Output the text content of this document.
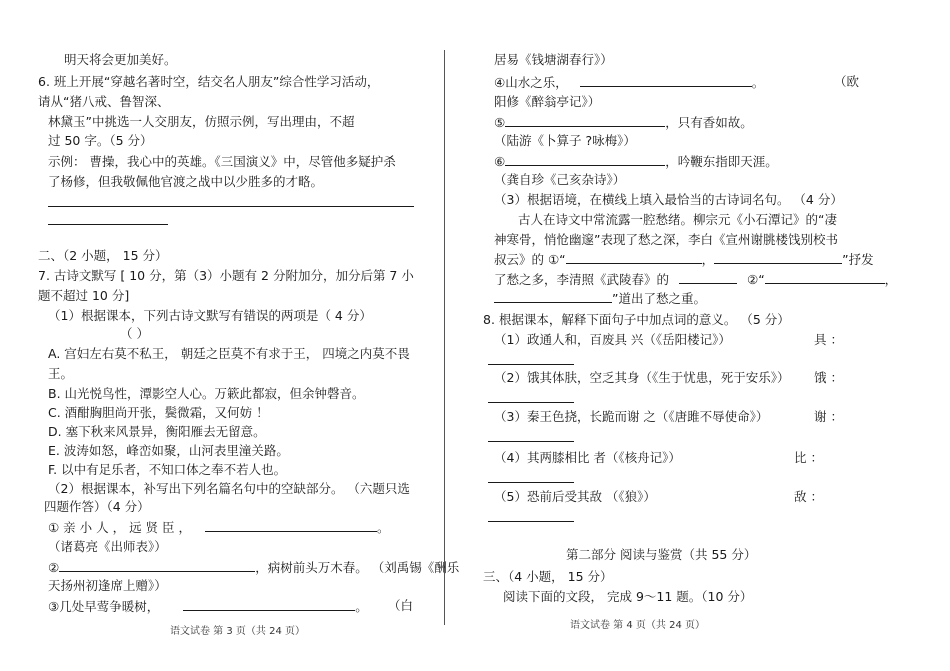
明天将会更加美好。
6. 班上开展“穿越名著时空，结交名人朋友”综合性学习活动，
请从“猪八戒、鲁智深、
林黛玉”中挑选一人交朋友，仿照示例，写出理由，不超
过 50 字。（5 分）
示例： 曹操，我心中的英雄。《三国演义》中，尽管他多疑护杀
了杨修，但我敬佩他官渡之战中以少胜多的才略。
二、（2 小题， 15 分）
7. 古诗文默写 [ 10 分，第（3）小题有 2 分附加分，加分后第 7 小
题不超过 10 分]
（1）根据课本，下列古诗文默写有错误的两项是（ 4 分）
（ ）
A. 宫妇左右莫不私王， 朝廷之臣莫不有求于王， 四境之内莫不畏
王。
B. 山光悦鸟性，潭影空人心。万簌此都寂，但余钟磬音。
C. 酒酣胸胆尚开张，鬓微霜，又何妨 ！
D. 塞下秋来风景异，衡阳雁去无留意。
E. 波涛如怒，峰峦如聚，山河表里潼关路。
F. 以中有足乐者，不知口体之奉不若人也。
（2）根据课本，补写出下列名篇名句中的空缺部分。 （六题只选
四题作答）（4 分）
① 亲 小 人 ， 远 贤 臣 ，	。
（诸葛亮《出师表》）
②	，病树前头万木春。 （刘禹锡《酬乐
天扬州初逢席上赠》）
③几处早莺争暖树，	。 （白
语文试卷 第 3 页（共 24 页）
居易《钱塘湖春行》）
④山水之乐，	。	（欧
阳修《醉翁亭记》）
⑤	，只有香如故。
（陆游《卜算子 ?咏梅》）
⑥	，吟鞭东指即天涯。
（龚自珍《己亥杂诗》）
（3）根据语境，在横线上填入最恰当的古诗词名句。 （4 分）
古人在诗文中常流露一腔愁绪。柳宗元《小石潭记》的“凄
神寒骨，悄怆幽邃”表现了愁之深，李白《宣州谢朓楼饯别校书
叔云》的 ①“	，	”抒发
了愁之多，李清照《武陵春》的	②“	，
”道出了愁之重。
8. 根据课本，解释下面句子中加点词的意义。 （5 分）
（1）政通人和，百废具 兴（《岳阳楼记》）	具 ：
（2）饿其体肤，空乏其身（《生于忧患，死于安乐》） 饿 ：
（3）秦王色挠，长跪而谢 之（《唐雎不辱使命》）	谢 ：
（4）其两膝相比 者（《核舟记》）	比 ：
（5）恐前后受其敌 （《狼》）	敌 ：
第二部分 阅读与鉴赏（共 55 分）
三、（4 小题， 15 分）
阅读下面的文段， 完成 9～11 题。（10 分）
语文试卷 第 4 页（共 24 页）
